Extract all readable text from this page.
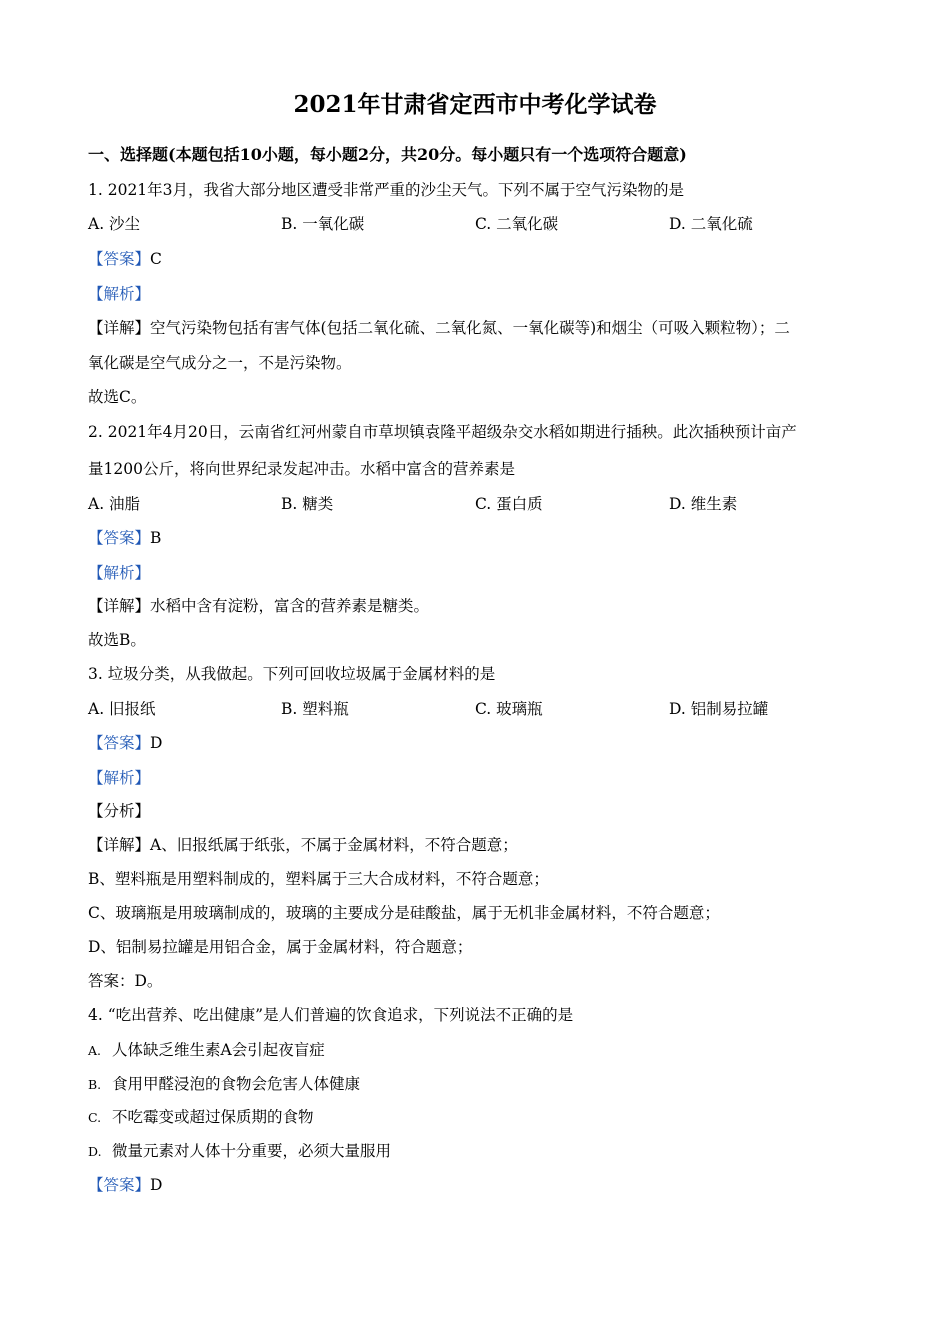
2021年甘肃省定西市中考化学试卷
一、选择题(本题包括10小题，每小题2分，共20分。每小题只有一个选项符合题意)
1. 2021年3月，我省大部分地区遭受非常严重的沙尘天气。下列不属于空气污染物的是
A. 沙尘	B. 一氧化碳	C. 二氧化碳	D. 二氧化硫
【答案】C
【解析】
【详解】空气污染物包括有害气体(包括二氧化硫、二氧化氮、一氧化碳等)和烟尘（可吸入颗粒物）；二
氧化碳是空气成分之一，不是污染物。
故选C。
2. 2021年4月20日，云南省红河州蒙自市草坝镇袁隆平超级杂交水稻如期进行插秧。此次插秧预计亩产
量1200公斤，将向世界纪录发起冲击。水稻中富含的营养素是
A. 油脂	B. 糖类	C. 蛋白质	D. 维生素
【答案】B
【解析】
【详解】水稻中含有淀粉，富含的营养素是糖类。
故选B。
3. 垃圾分类，从我做起。下列可回收垃圾属于金属材料的是
A. 旧报纸	B. 塑料瓶	C. 玻璃瓶	D. 铝制易拉罐
【答案】D
【解析】
【分析】
【详解】A、旧报纸属于纸张，不属于金属材料，不符合题意；
B、塑料瓶是用塑料制成的，塑料属于三大合成材料，不符合题意；
C、玻璃瓶是用玻璃制成的，玻璃的主要成分是硅酸盐，属于无机非金属材料，不符合题意；
D、铝制易拉罐是用铝合金，属于金属材料，符合题意；
答案：D。
4. “吃出营养、吃出健康”是人们普遍的饮食追求，下列说法不正确的是
A. 人体缺乏维生素A会引起夜盲症
B. 食用甲醛浸泡的食物会危害人体健康
C. 不吃霉变或超过保质期的食物
D. 微量元素对人体十分重要，必须大量服用
【答案】D
